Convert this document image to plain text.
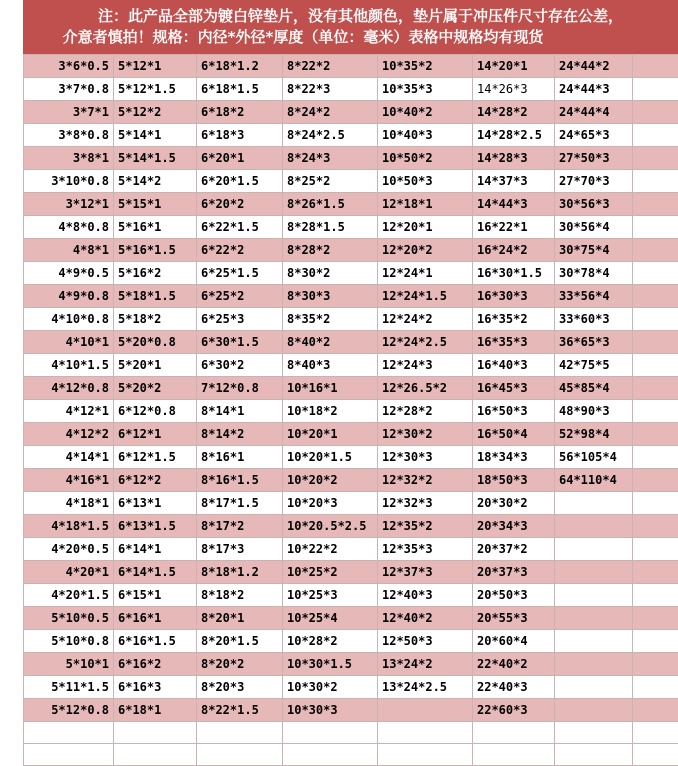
注：此产品全部为镀白锌垫片，没有其他颜色，垫片属于冲压件尺寸存在公差，
介意者慎拍！规格：内径*外径*厚度（单位：毫米）表格中规格均有现货
3*6*0.5	5*12*1	6*18*1.2	8*22*2	10*35*2	14*20*1	24*44*2	
3*7*0.8	5*12*1.5	6*18*1.5	8*22*3	10*35*3	14*26*3	24*44*3	
3*7*1	5*12*2	6*18*2	8*24*2	10*40*2	14*28*2	24*44*4	
3*8*0.8	5*14*1	6*18*3	8*24*2.5	10*40*3	14*28*2.5	24*65*3	
3*8*1	5*14*1.5	6*20*1	8*24*3	10*50*2	14*28*3	27*50*3	
3*10*0.8	5*14*2	6*20*1.5	8*25*2	10*50*3	14*37*3	27*70*3	
3*12*1	5*15*1	6*20*2	8*26*1.5	12*18*1	14*44*3	30*56*3	
4*8*0.8	5*16*1	6*22*1.5	8*28*1.5	12*20*1	16*22*1	30*56*4	
4*8*1	5*16*1.5	6*22*2	8*28*2	12*20*2	16*24*2	30*75*4	
4*9*0.5	5*16*2	6*25*1.5	8*30*2	12*24*1	16*30*1.5	30*78*4	
4*9*0.8	5*18*1.5	6*25*2	8*30*3	12*24*1.5	16*30*3	33*56*4	
4*10*0.8	5*18*2	6*25*3	8*35*2	12*24*2	16*35*2	33*60*3	
4*10*1	5*20*0.8	6*30*1.5	8*40*2	12*24*2.5	16*35*3	36*65*3	
4*10*1.5	5*20*1	6*30*2	8*40*3	12*24*3	16*40*3	42*75*5	
4*12*0.8	5*20*2	7*12*0.8	10*16*1	12*26.5*2	16*45*3	45*85*4	
4*12*1	6*12*0.8	8*14*1	10*18*2	12*28*2	16*50*3	48*90*3	
4*12*2	6*12*1	8*14*2	10*20*1	12*30*2	16*50*4	52*98*4	
4*14*1	6*12*1.5	8*16*1	10*20*1.5	12*30*3	18*34*3	56*105*4	
4*16*1	6*12*2	8*16*1.5	10*20*2	12*32*2	18*50*3	64*110*4	
4*18*1	6*13*1	8*17*1.5	10*20*3	12*32*3	20*30*2		
4*18*1.5	6*13*1.5	8*17*2	10*20.5*2.5	12*35*2	20*34*3		
4*20*0.5	6*14*1	8*17*3	10*22*2	12*35*3	20*37*2		
4*20*1	6*14*1.5	8*18*1.2	10*25*2	12*37*3	20*37*3		
4*20*1.5	6*15*1	8*18*2	10*25*3	12*40*3	20*50*3		
5*10*0.5	6*16*1	8*20*1	10*25*4	12*40*2	20*55*3		
5*10*0.8	6*16*1.5	8*20*1.5	10*28*2	12*50*3	20*60*4		
5*10*1	6*16*2	8*20*2	10*30*1.5	13*24*2	22*40*2		
5*11*1.5	6*16*3	8*20*3	10*30*2	13*24*2.5	22*40*3		
5*12*0.8	6*18*1	8*22*1.5	10*30*3		22*60*3		
